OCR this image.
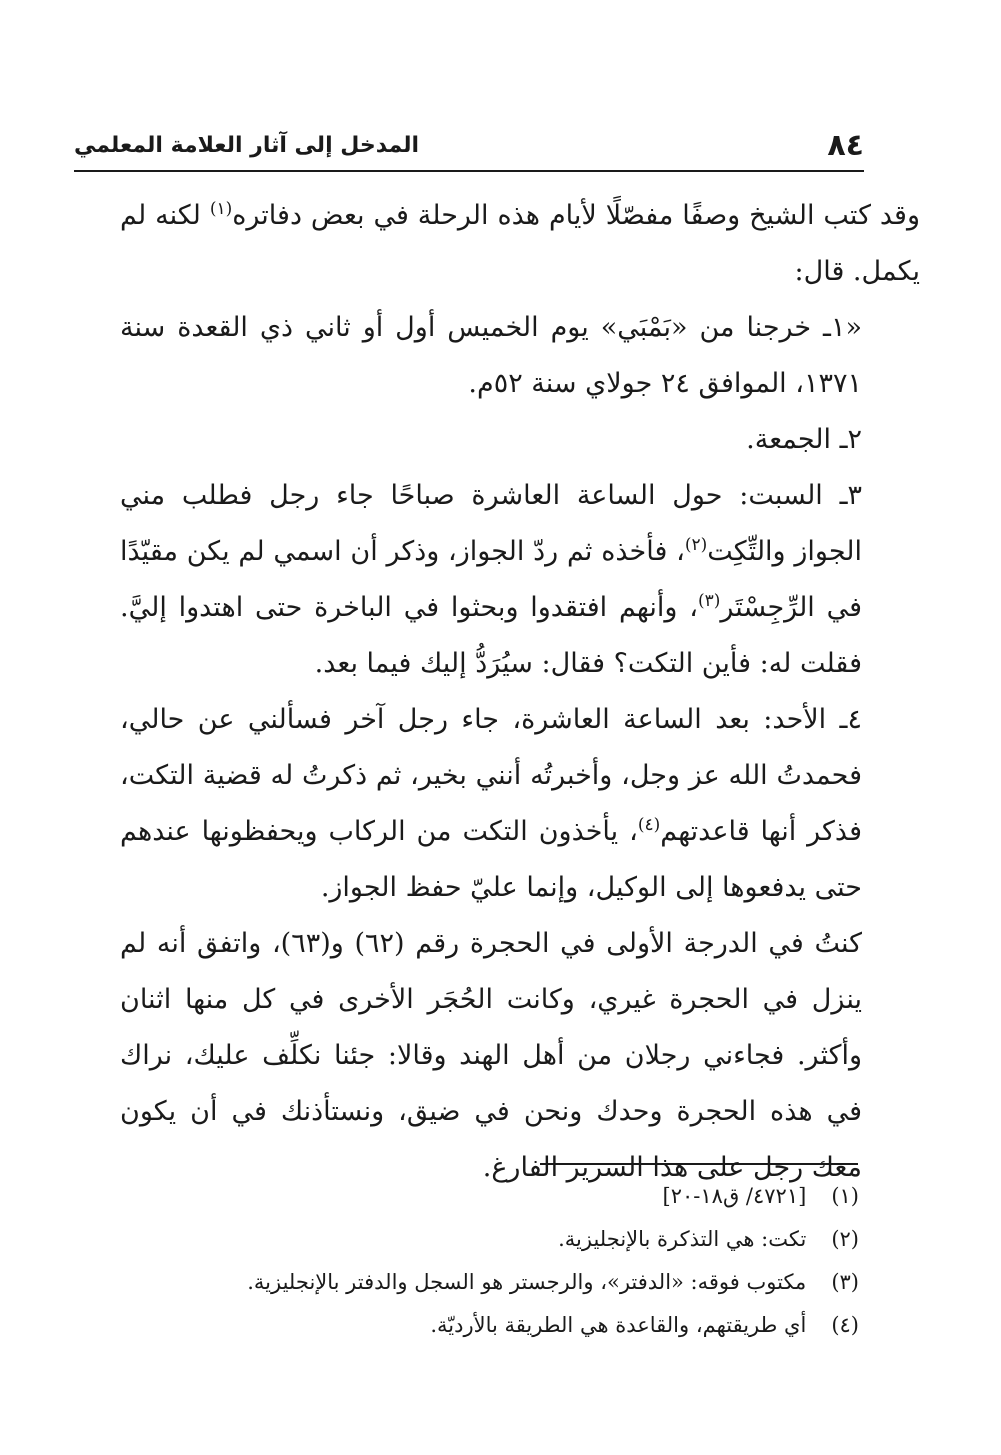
٨٤
المدخل إلى آثار العلامة المعلمي

وقد كتب الشيخ وصفًا مفصّلًا لأيام هذه الرحلة في بعض دفاتره$^{(١)}$ لكنه لم يكمل. قال:

«١ـ خرجنا من «بَمْبَي» يوم الخميس أول أو ثاني ذي القعدة سنة ١٣٧١، الموافق ٢٤ جولاي سنة ٥٢م.

٢ـ الجمعة.

٣ـ السبت: حول الساعة العاشرة صباحًا جاء رجل فطلب مني الجواز والتِّكِت$^{(٢)}$، فأخذه ثم ردّ الجواز، وذكر أن اسمي لم يكن مقيّدًا في الرِّجِسْتَر$^{(٣)}$، وأنهم افتقدوا وبحثوا في الباخرة حتى اهتدوا إليَّ. فقلت له: فأين التكت؟ فقال: سيُرَدُّ إليك فيما بعد.

٤ـ الأحد: بعد الساعة العاشرة، جاء رجل آخر فسألني عن حالي، فحمدتُ الله عز وجل، وأخبرتُه أنني بخير، ثم ذكرتُ له قضية التكت، فذكر أنها قاعدتهم$^{(٤)}$، يأخذون التكت من الركاب ويحفظونها عندهم حتى يدفعوها إلى الوكيل، وإنما عليّ حفظ الجواز.

كنتُ في الدرجة الأولى في الحجرة رقم (٦٢) و(٦٣)، واتفق أنه لم ينزل في الحجرة غيري، وكانت الحُجَر الأخرى في كل منها اثنان وأكثر. فجاءني رجلان من أهل الهند وقالا: جئنا نكلِّف عليك، نراك في هذه الحجرة وحدك ونحن في ضيق، ونستأذنك في أن يكون معك رجل على هذا السرير الفارغ.

(١) [٤٧٢١/ ق١٨-٢٠]

(٢) تكت: هي التذكرة بالإنجليزية.

(٣) مكتوب فوقه: «الدفتر»، والرجستر هو السجل والدفتر بالإنجليزية.

(٤) أي طريقتهم، والقاعدة هي الطريقة بالأرديّة.
